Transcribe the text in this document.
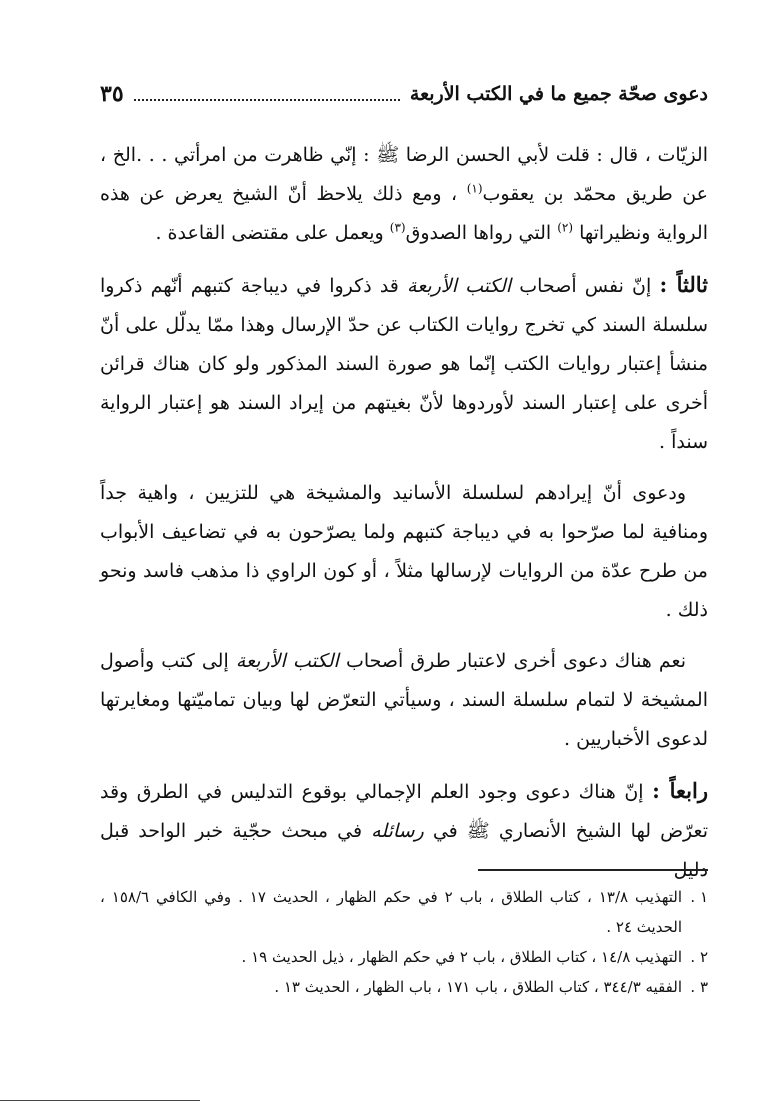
دعوى صحّة جميع ما في الكتب الأربعة
٣٥

الزيّات ، قال : قلت لأبي الحسن الرضا ﷺ : إنّي ظاهرت من امرأتي . . .الخ ، عن طريق محمّد بن يعقوب$^{(١)}$ ، ومع ذلك يلاحظ أنّ الشيخ يعرض عن هذه الرواية ونظيراتها $^{(٢)}$ التي رواها الصدوق$^{(٣)}$ ويعمل على مقتضى القاعدة .

ثالثاً : إنّ نفس أصحاب الكتب الأربعة قد ذكروا في ديباجة كتبهم أنّهم ذكروا سلسلة السند كي تخرج روايات الكتاب عن حدّ الإرسال وهذا ممّا يدلّل على أنّ منشأ إعتبار روايات الكتب إنّما هو صورة السند المذكور ولو كان هناك قرائن أخرى على إعتبار السند لأوردوها لأنّ بغيتهم من إيراد السند هو إعتبار الرواية سنداً .

ودعوى أنّ إيرادهم لسلسلة الأسانيد والمشيخة هي للتزيين ، واهية جداً ومنافية لما صرّحوا به في ديباجة كتبهم ولما يصرّحون به في تضاعيف الأبواب من طرح عدّة من الروايات لإرسالها مثلاً ، أو كون الراوي ذا مذهب فاسد ونحو ذلك .

نعم هناك دعوى أخرى لاعتبار طرق أصحاب الكتب الأربعة إلى كتب وأصول المشيخة لا لتمام سلسلة السند ، وسيأتي التعرّض لها وبيان تماميّتها ومغايرتها لدعوى الأخباريين .

رابعاً : إنّ هناك دعوى وجود العلم الإجمالي بوقوع التدليس في الطرق وقد تعرّض لها الشيخ الأنصاري ﷺ في رسائله في مبحث حجّية خبر الواحد قبل دليل

١ .
التهذيب ١٣/٨ ، كتاب الطلاق ، باب ٢ في حكم الظهار ، الحديث ١٧ . وفي الكافي ١٥٨/٦ ، الحديث ٢٤ .

٢ .
التهذيب ١٤/٨ ، كتاب الطلاق ، باب ٢ في حكم الظهار ، ذيل الحديث ١٩ .

٣ .
الفقيه ٣٤٤/٣ ، كتاب الطلاق ، باب ١٧١ ، باب الظهار ، الحديث ١٣ .
